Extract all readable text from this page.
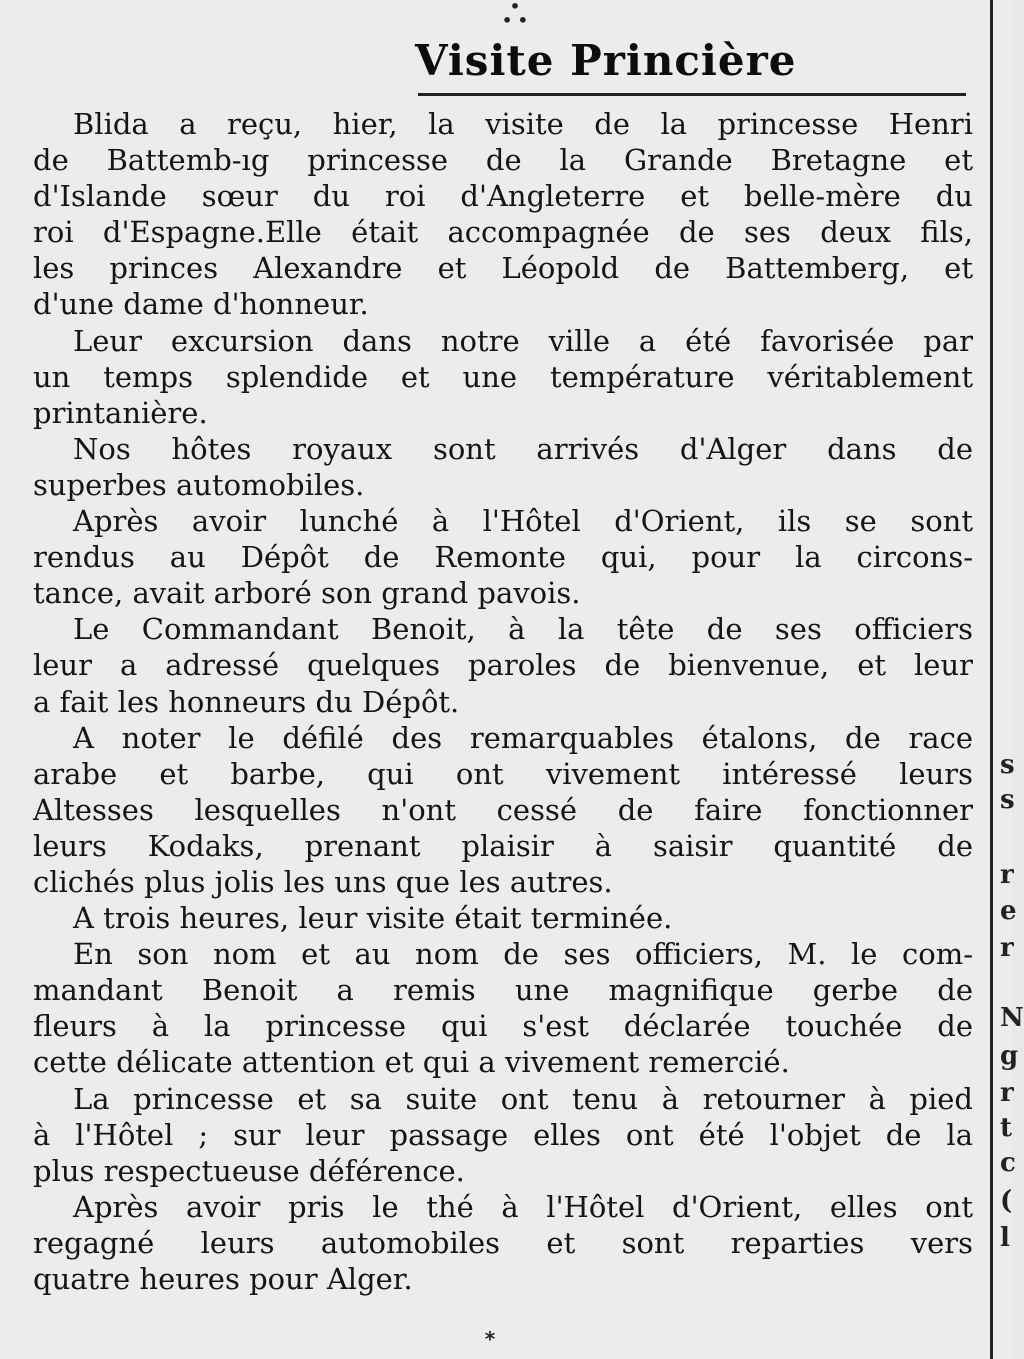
•
• •
Visite Princière
Blida a reçu, hier, la visite de la princesse Henri
de Battemb-ıg princesse de la Grande Bretagne et
d'Islande sœur du roi d'Angleterre et belle-mère du
roi d'Espagne.Elle était accompagnée de ses deux fils,
les princes Alexandre et Léopold de Battemberg, et
d'une dame d'honneur.
Leur excursion dans notre ville a été favorisée par
un temps splendide et une température véritablement
printanière.
Nos hôtes royaux sont arrivés d'Alger dans de
superbes automobiles.
Après avoir lunché à l'Hôtel d'Orient, ils se sont
rendus au Dépôt de Remonte qui, pour la circons-
tance, avait arboré son grand pavois.
Le Commandant Benoit, à la tête de ses officiers
leur a adressé quelques paroles de bienvenue, et leur
a fait les honneurs du Dépôt.
A noter le défilé des remarquables étalons, de race
arabe et barbe, qui ont vivement intéressé leurs
Altesses lesquelles n'ont cessé de faire fonctionner
leurs Kodaks, prenant plaisir à saisir quantité de
clichés plus jolis les uns que les autres.
A trois heures, leur visite était terminée.
En son nom et au nom de ses officiers, M. le com-
mandant Benoit a remis une magnifique gerbe de
fleurs à la princesse qui s'est déclarée touchée de
cette délicate attention et qui a vivement remercié.
La princesse et sa suite ont tenu à retourner à pied
à l'Hôtel ; sur leur passage elles ont été l'objet de la
plus respectueuse déférence.
Après avoir pris le thé à l'Hôtel d'Orient, elles ont
regagné leurs automobiles et sont reparties vers
quatre heures pour Alger.
*
s
s
r
e
r
N
g
r
t
c
(
l
